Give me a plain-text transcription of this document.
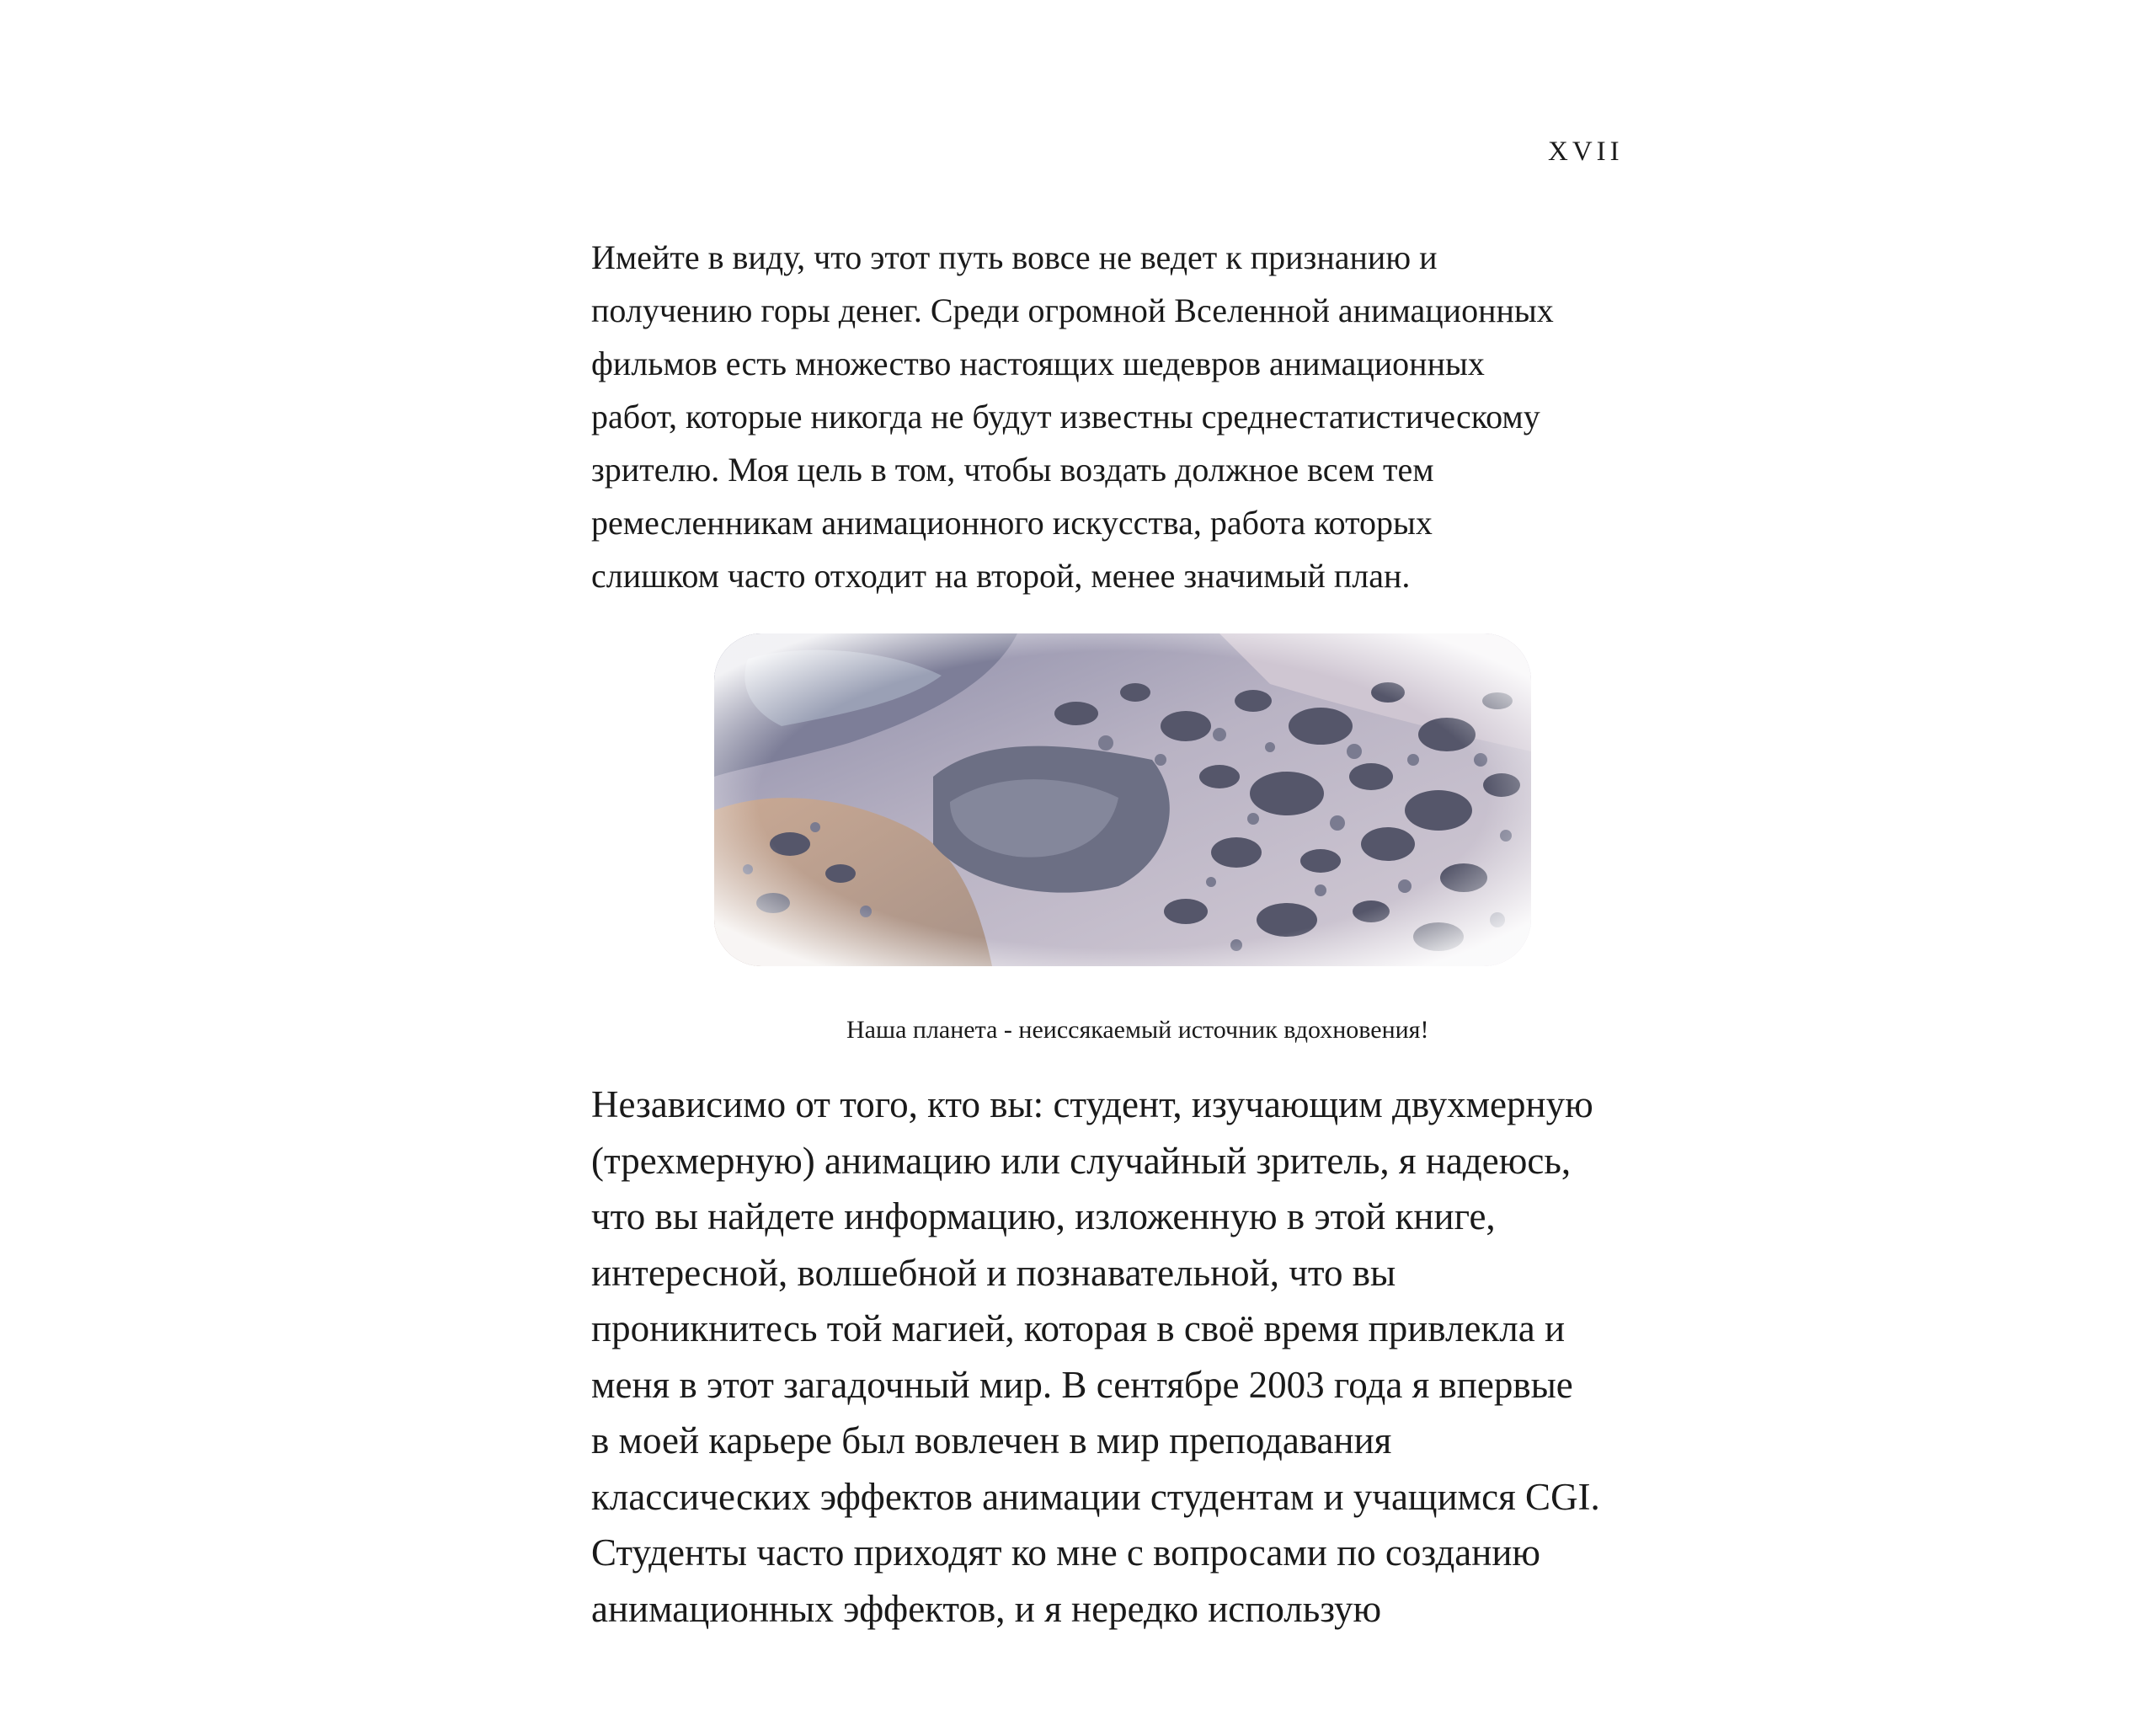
XVII

Имейте в виду, что этот путь вовсе не ведет к признанию и
получению горы денег. Среди огромной Вселенной анимационных
фильмов есть множество настоящих шедевров анимационных
работ, которые никогда не будут известны среднестатистическому
зрителю. Моя цель в том, чтобы воздать должное всем тем
ремесленникам анимационного искусства, работа которых
слишком часто отходит на второй, менее значимый план.

Наша планета - неиссякаемый источник вдохновения!

Независимо от того, кто вы: студент, изучающим двухмерную
(трехмерную) анимацию или случайный зритель, я надеюсь,
что вы найдете информацию, изложенную в этой книге,
интересной, волшебной и познавательной, что вы
проникнитесь той магией, которая в своё время привлекла и
меня в этот загадочный мир. В сентябре 2003 года я впервые
в моей карьере был вовлечен в мир преподавания
классических эффектов анимации студентам и учащимся CGI.
Студенты часто приходят ко мне с вопросами по созданию
анимационных эффектов, и я нередко использую
